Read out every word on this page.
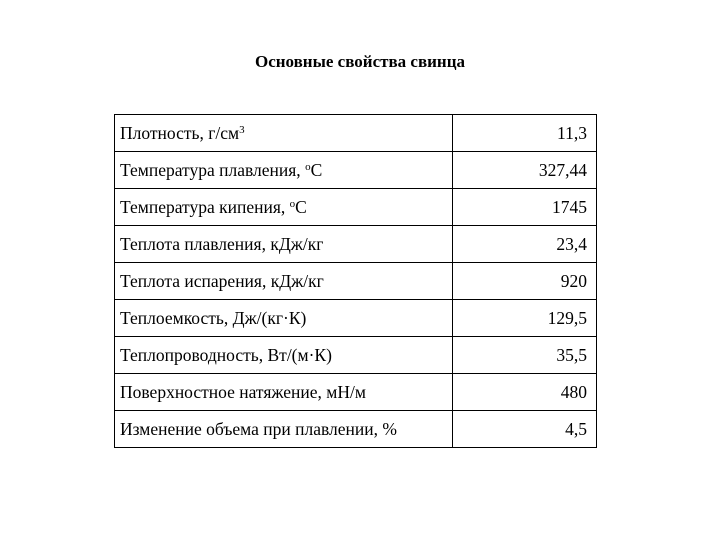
Основные свойства свинца
Плотность, $г/см^3$	11,3
Температура плавления, $^o$С	327,44
Температура кипения, $^o$С	1745
Теплота плавления, кДж/кг	23,4
Теплота испарения, кДж/кг	920
Теплоемкость, Дж/(кг·К)	129,5
Теплопроводность, Вт/(м·К)	35,5
Поверхностное натяжение, мН/м	480
Изменение объема при плавлении, %	4,5
